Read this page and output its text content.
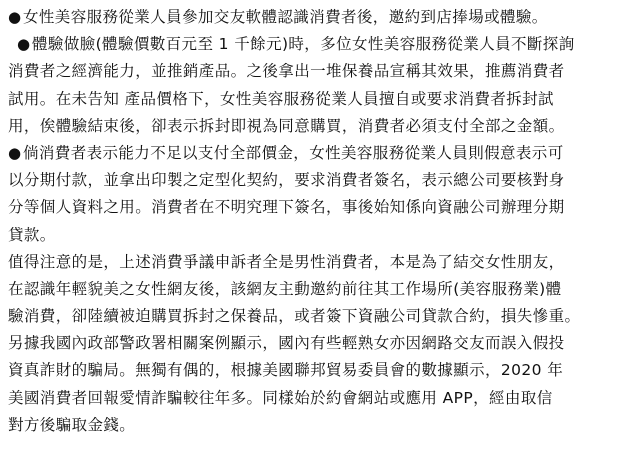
●女性美容服務從業人員參加交友軟體認識消費者後，邀約到店捧場或體驗。
●體驗做臉(體驗價數百元至 1 千餘元)時，多位女性美容服務從業人員不斷探詢
消費者之經濟能力，並推銷產品。之後拿出一堆保養品宣稱其效果，推薦消費者
試用。在未告知 產品價格下，女性美容服務從業人員擅自或要求消費者拆封試
用，俟體驗結束後，卻表示拆封即視為同意購買，消費者必須支付全部之金額。
●倘消費者表示能力不足以支付全部價金，女性美容服務從業人員則假意表示可
以分期付款，並拿出印製之定型化契約，要求消費者簽名，表示總公司要核對身
分等個人資料之用。消費者在不明究理下簽名，事後始知係向資融公司辦理分期
貸款。
值得注意的是，上述消費爭議申訴者全是男性消費者，本是為了結交女性朋友，
在認識年輕貌美之女性網友後，該網友主動邀約前往其工作場所(美容服務業)體
驗消費，卻陸續被迫購買拆封之保養品，或者簽下資融公司貸款合約，損失慘重。
另據我國內政部警政署相關案例顯示，國內有些輕熟女亦因網路交友而誤入假投
資真詐財的騙局。無獨有偶的，根據美國聯邦貿易委員會的數據顯示，2020 年
美國消費者回報愛情詐騙較往年多。同樣始於約會網站或應用 APP，經由取信
對方後騙取金錢。
